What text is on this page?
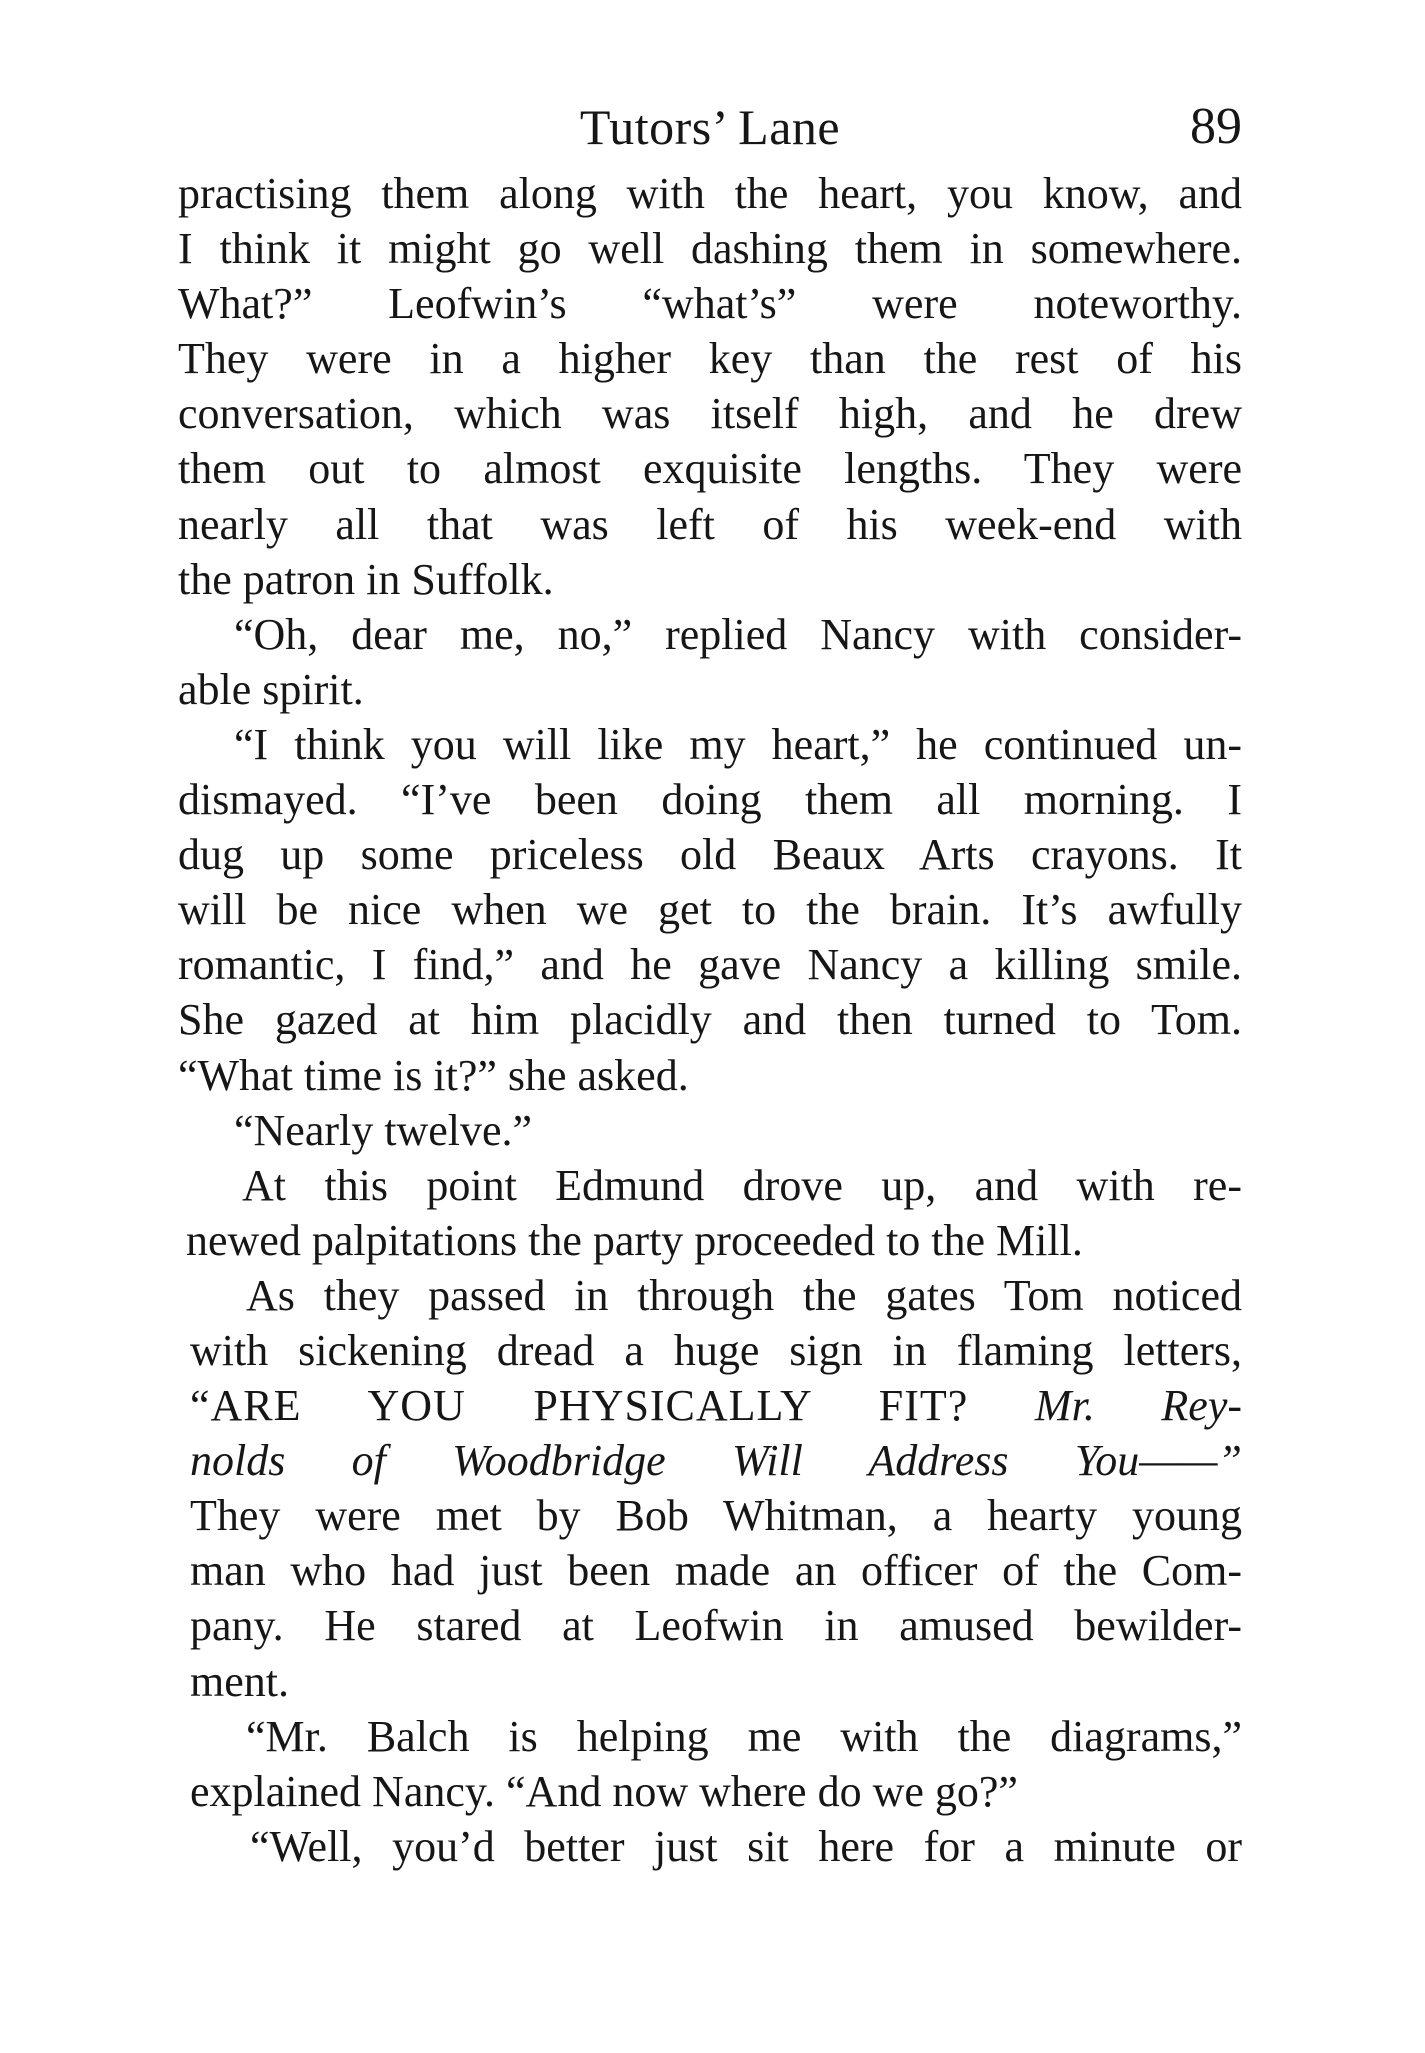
Tutors’ Lane	89
practising them along with the heart, you know, and
I think it might go well dashing them in somewhere.
What?” Leofwin’s “what’s” were noteworthy.
They were in a higher key than the rest of his
conversation, which was itself high, and he drew
them out to almost exquisite lengths. They were
nearly all that was left of his week-end with
the patron in Suffolk.
“Oh, dear me, no,” replied Nancy with consider-
able spirit.
“I think you will like my heart,” he continued un-
dismayed. “I’ve been doing them all morning. I
dug up some priceless old Beaux Arts crayons. It
will be nice when we get to the brain. It’s awfully
romantic, I find,” and he gave Nancy a killing smile.
She gazed at him placidly and then turned to Tom.
“What time is it?” she asked.
“Nearly twelve.”
At this point Edmund drove up, and with re-
newed palpitations the party proceeded to the Mill.
As they passed in through the gates Tom noticed
with sickening dread a huge sign in flaming letters,
“ARE YOU PHYSICALLY FIT? Mr. Rey-
nolds of Woodbridge Will Address You——”
They were met by Bob Whitman, a hearty young
man who had just been made an officer of the Com-
pany. He stared at Leofwin in amused bewilder-
ment.
“Mr. Balch is helping me with the diagrams,”
explained Nancy. “And now where do we go?”
“Well, you’d better just sit here for a minute or
